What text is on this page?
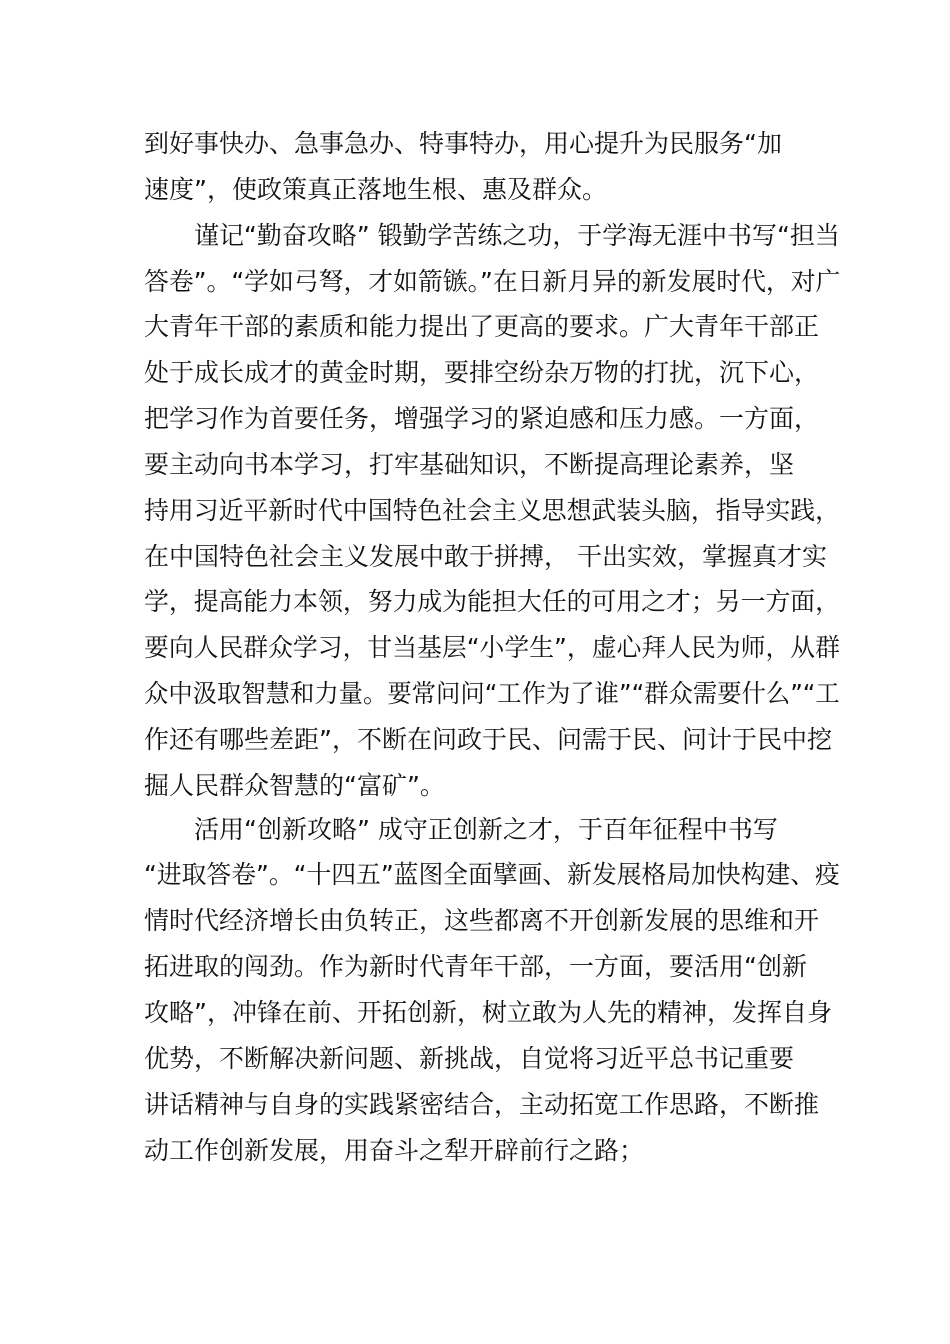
到好事快办、急事急办、特事特办，用心提升为民服务“加

速度”，使政策真正落地生根、惠及群众。

谨记“勤奋攻略” 锻勤学苦练之功，于学海无涯中书写“担当

答卷”。“学如弓弩，才如箭镞。”在日新月异的新发展时代，对广

大青年干部的素质和能力提出了更高的要求。广大青年干部正

处于成长成才的黄金时期，要排空纷杂万物的打扰，沉下心，

把学习作为首要任务，增强学习的紧迫感和压力感。一方面，

要主动向书本学习，打牢基础知识，不断提高理论素养，坚

持用习近平新时代中国特色社会主义思想武装头脑，指导实践，

在中国特色社会主义发展中敢于拼搏， 干出实效，掌握真才实

学，提高能力本领，努力成为能担大任的可用之才；另一方面，

要向人民群众学习，甘当基层“小学生”，虚心拜人民为师，从群

众中汲取智慧和力量。要常问问“工作为了谁”“群众需要什么”“工

作还有哪些差距”，不断在问政于民、问需于民、问计于民中挖

掘人民群众智慧的“富矿”。

活用“创新攻略” 成守正创新之才，于百年征程中书写

“进取答卷”。“十四五”蓝图全面擘画、新发展格局加快构建、疫

情时代经济增长由负转正，这些都离不开创新发展的思维和开

拓进取的闯劲。作为新时代青年干部，一方面，要活用“创新

攻略”，冲锋在前、开拓创新，树立敢为人先的精神，发挥自身

优势，不断解决新问题、新挑战，自觉将习近平总书记重要

讲话精神与自身的实践紧密结合，主动拓宽工作思路，不断推

动工作创新发展，用奋斗之犁开辟前行之路；
